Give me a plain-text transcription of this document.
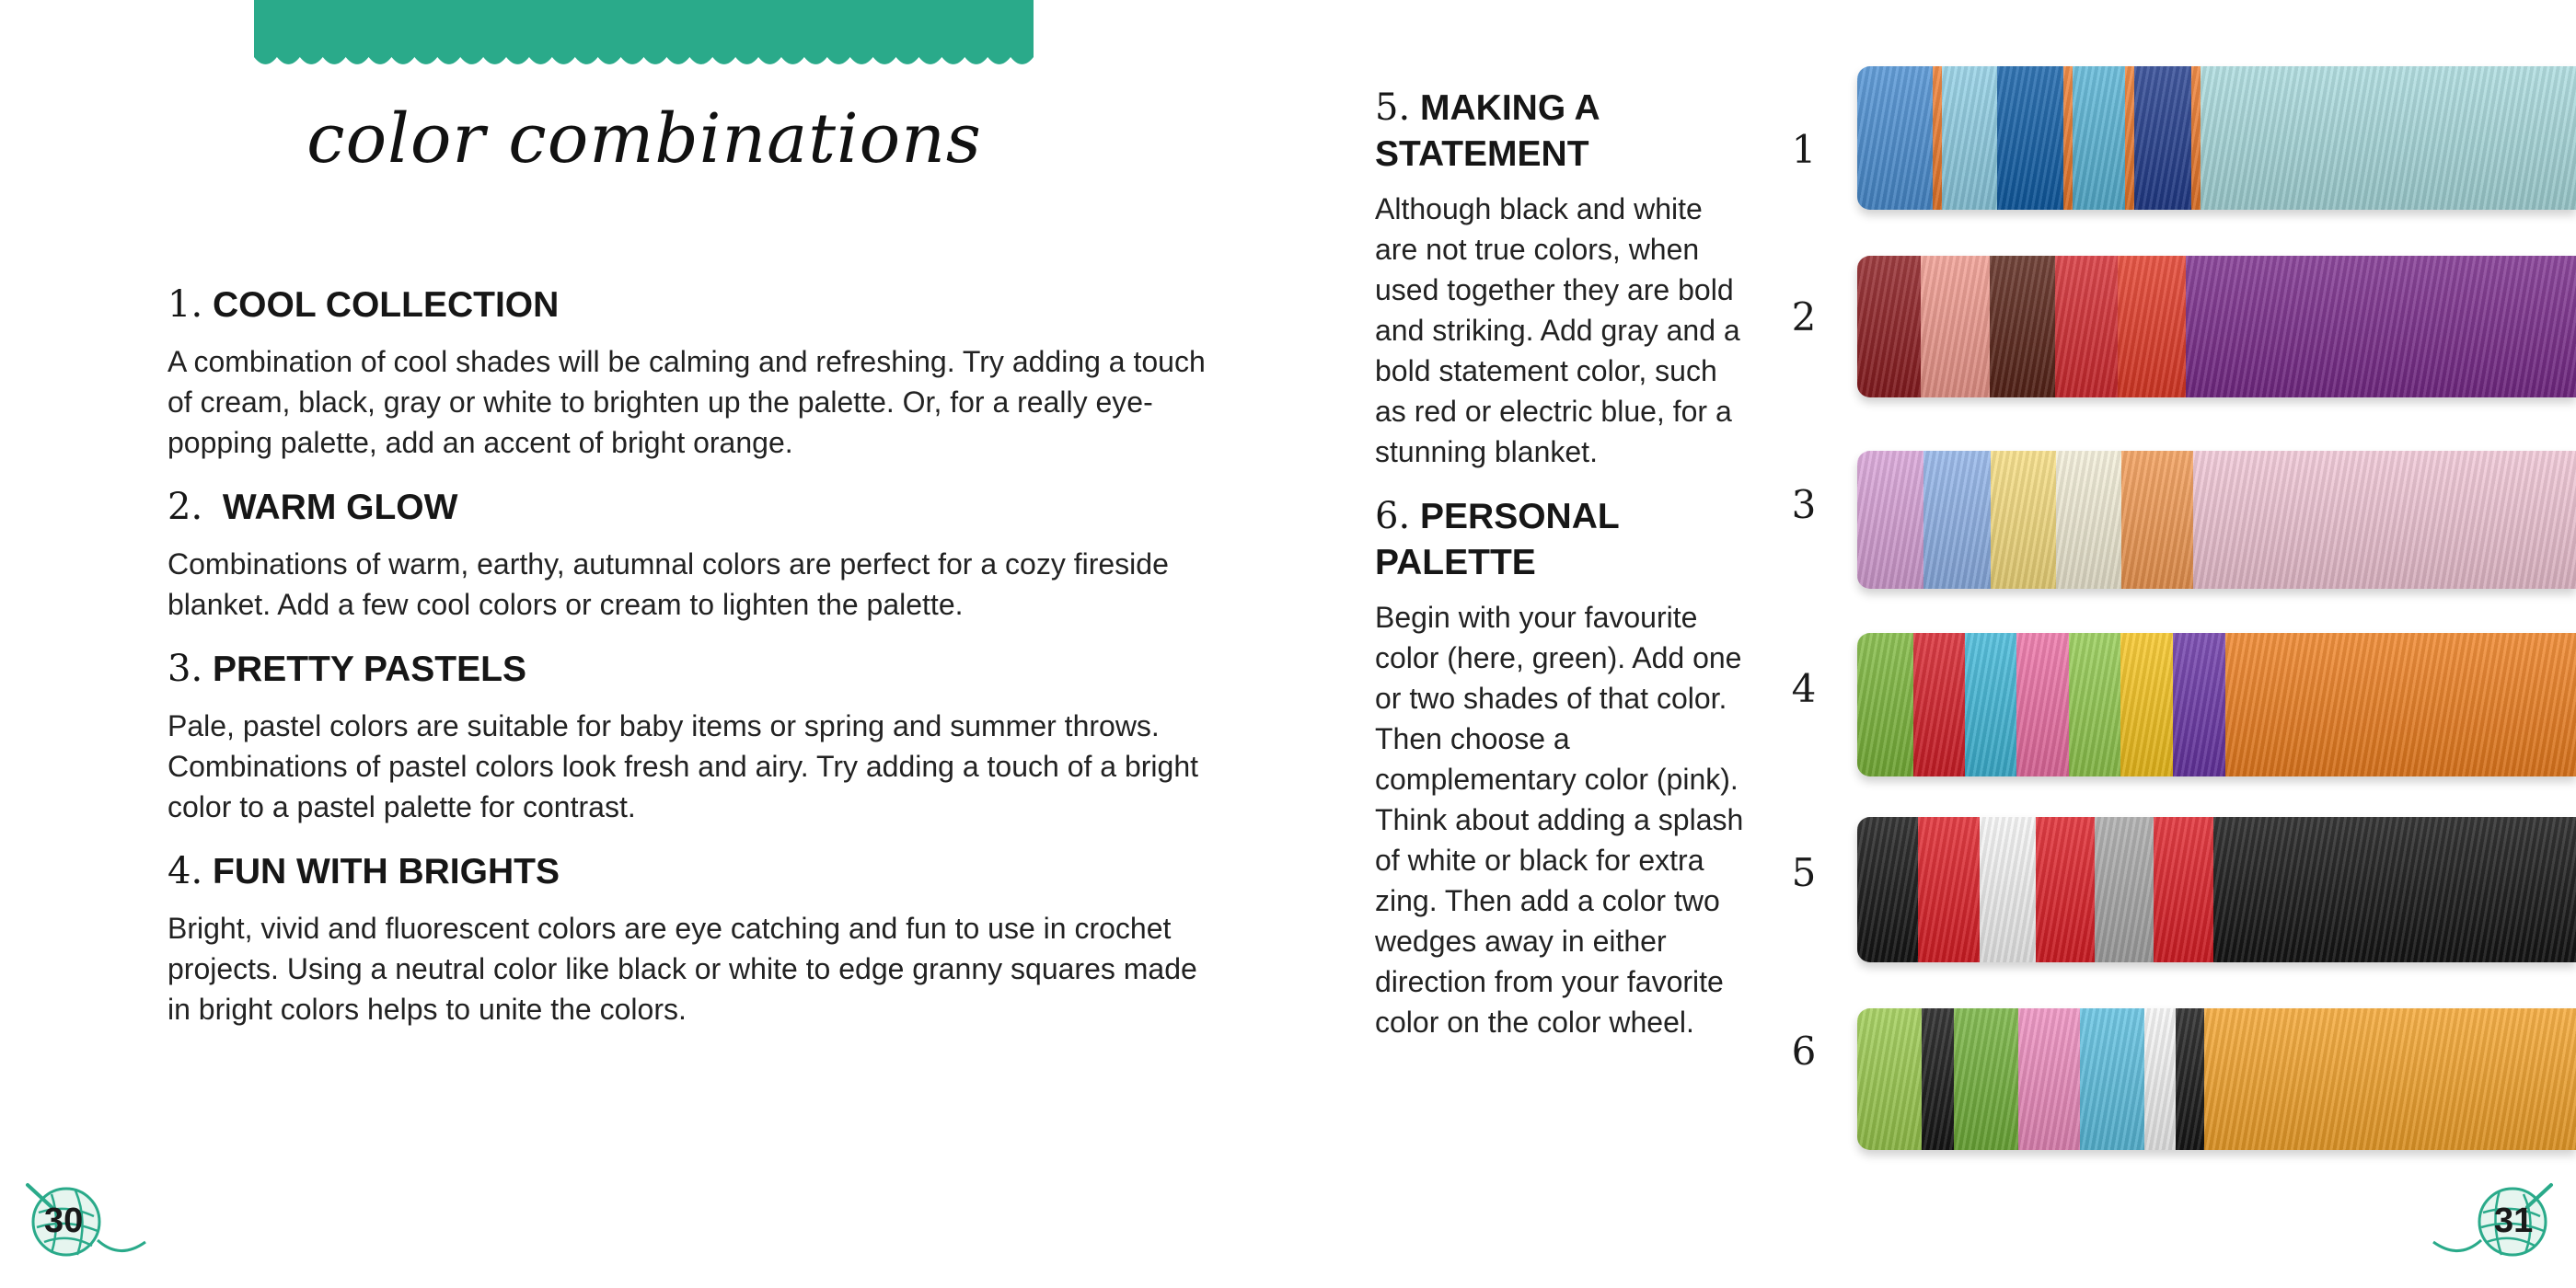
color combinations
1. COOL COLLECTION

A combination of cool shades will be calming and refreshing. Try adding a touch of cream, black, gray or white to brighten up the palette. Or, for a really eye-popping palette, add an accent of bright orange.

2. WARM GLOW

Combinations of warm, earthy, autumnal colors are perfect for a cozy fireside blanket. Add a few cool colors or cream to lighten the palette.

3. PRETTY PASTELS

Pale, pastel colors are suitable for baby items or spring and summer throws. Combinations of pastel colors look fresh and airy. Try adding a touch of a bright color to a pastel palette for contrast.

4. FUN WITH BRIGHTS

Bright, vivid and fluorescent colors are eye catching and fun to use in crochet projects. Using a neutral color like black or white to edge granny squares made in bright colors helps to unite the colors.

5. MAKING A STATEMENT

Although black and white are not true colors, when used together they are bold and striking. Add gray and a bold statement color, such as red or electric blue, for a stunning blanket.

6. PERSONAL PALETTE

Begin with your favourite color (here, green). Add one or two shades of that color. Then choose a complementary color (pink). Think about adding a splash of white or black for extra zing. Then add a color two wedges away in either direction from your favorite color on the color wheel.

1
2
3
4
5
6
30	31
